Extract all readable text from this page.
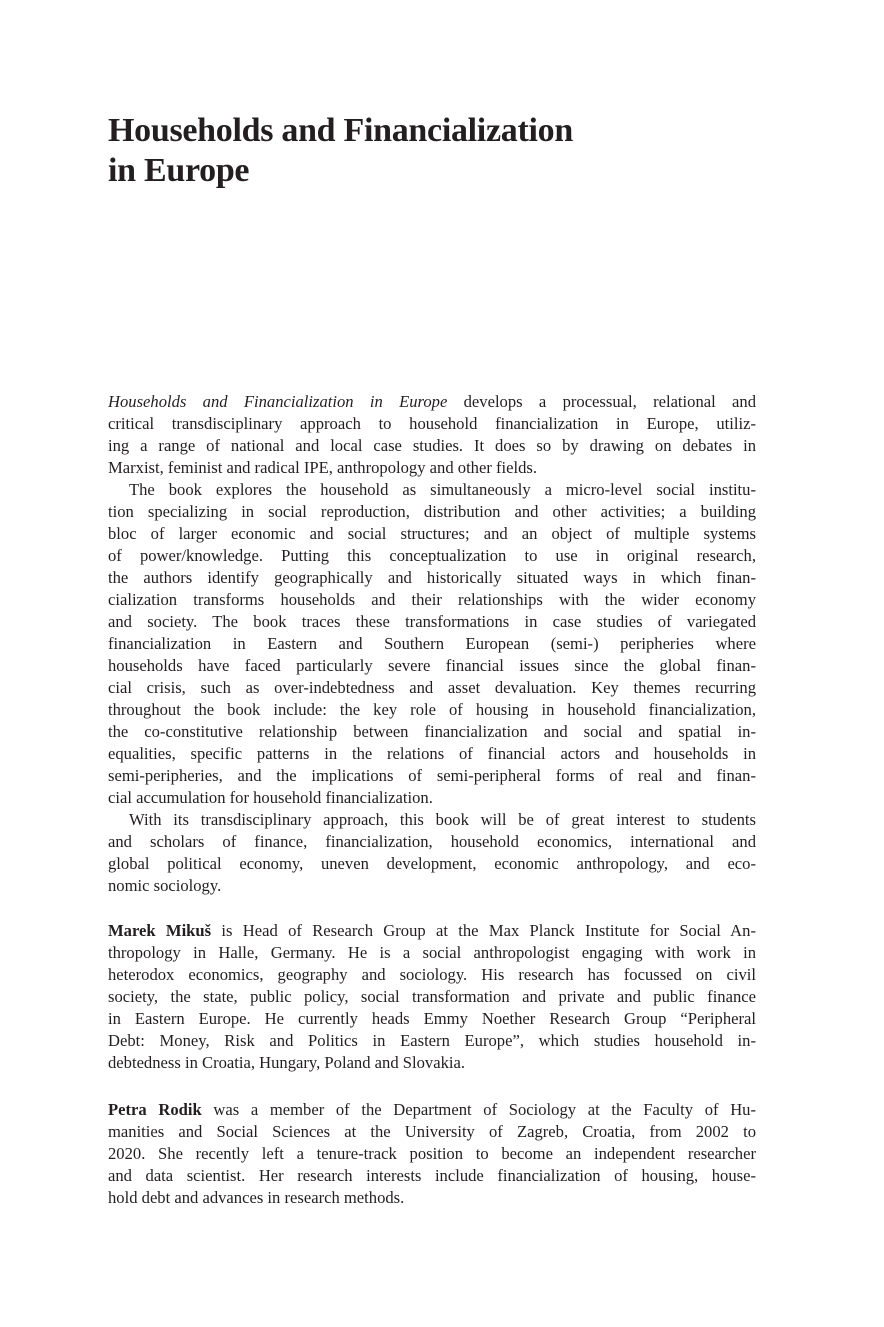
Households and Financialization
in Europe
Households and Financialization in Europe develops a processual, relational and
critical transdisciplinary approach to household financialization in Europe, utiliz-
ing a range of national and local case studies. It does so by drawing on debates in
Marxist, feminist and radical IPE, anthropology and other fields.
The book explores the household as simultaneously a micro-level social institu-
tion specializing in social reproduction, distribution and other activities; a building
bloc of larger economic and social structures; and an object of multiple systems
of power/knowledge. Putting this conceptualization to use in original research,
the authors identify geographically and historically situated ways in which finan-
cialization transforms households and their relationships with the wider economy
and society. The book traces these transformations in case studies of variegated
financialization in Eastern and Southern European (semi-) peripheries where
households have faced particularly severe financial issues since the global finan-
cial crisis, such as over-indebtedness and asset devaluation. Key themes recurring
throughout the book include: the key role of housing in household financialization,
the co-constitutive relationship between financialization and social and spatial in-
equalities, specific patterns in the relations of financial actors and households in
semi-peripheries, and the implications of semi-peripheral forms of real and finan-
cial accumulation for household financialization.
With its transdisciplinary approach, this book will be of great interest to students
and scholars of finance, financialization, household economics, international and
global political economy, uneven development, economic anthropology, and eco-
nomic sociology.
Marek Mikuš is Head of Research Group at the Max Planck Institute for Social An-
thropology in Halle, Germany. He is a social anthropologist engaging with work in
heterodox economics, geography and sociology. His research has focussed on civil
society, the state, public policy, social transformation and private and public finance
in Eastern Europe. He currently heads Emmy Noether Research Group “Peripheral
Debt: Money, Risk and Politics in Eastern Europe”, which studies household in-
debtedness in Croatia, Hungary, Poland and Slovakia.
Petra Rodik was a member of the Department of Sociology at the Faculty of Hu-
manities and Social Sciences at the University of Zagreb, Croatia, from 2002 to
2020. She recently left a tenure-track position to become an independent researcher
and data scientist. Her research interests include financialization of housing, house-
hold debt and advances in research methods.
